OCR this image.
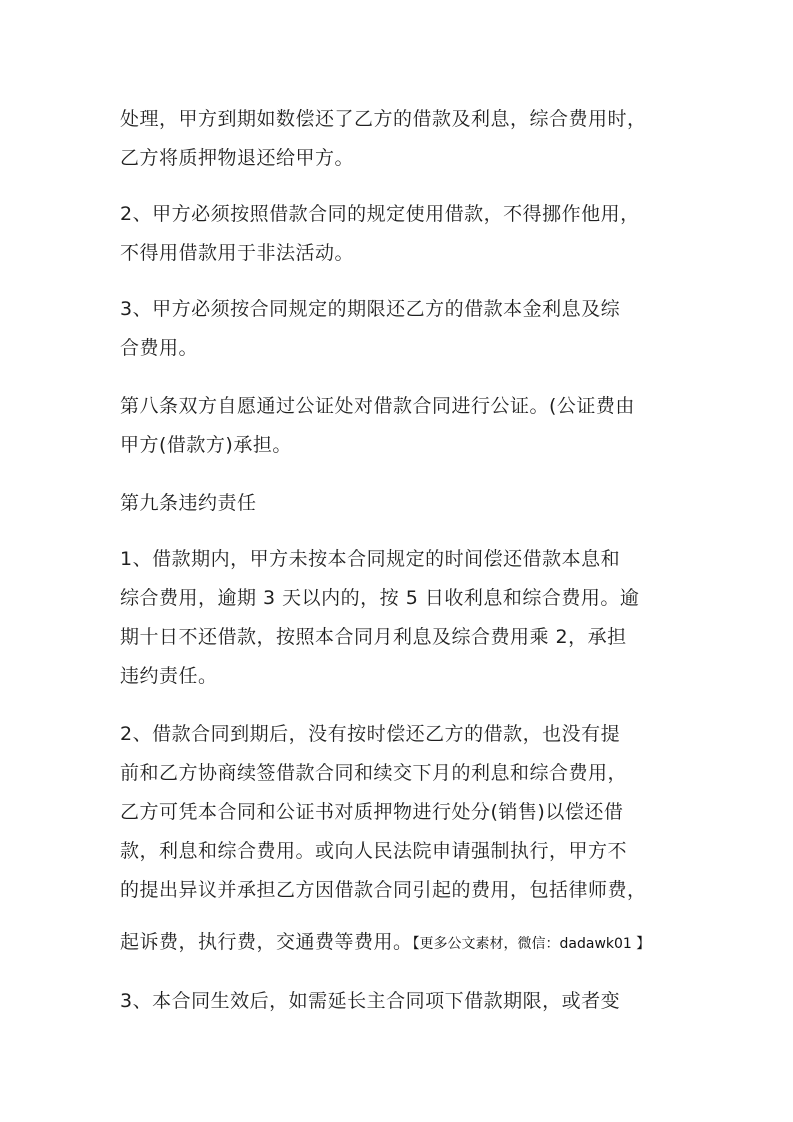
处理，甲方到期如数偿还了乙方的借款及利息，综合费用时，
乙方将质押物退还给甲方。
2、甲方必须按照借款合同的规定使用借款，不得挪作他用，
不得用借款用于非法活动。
3、甲方必须按合同规定的期限还乙方的借款本金利息及综
合费用。
第八条双方自愿通过公证处对借款合同进行公证。(公证费由
甲方(借款方)承担。
第九条违约责任
1、借款期内，甲方未按本合同规定的时间偿还借款本息和
综合费用，逾期 3 天以内的，按 5 日收利息和综合费用。逾
期十日不还借款，按照本合同月利息及综合费用乘 2，承担
违约责任。
2、借款合同到期后，没有按时偿还乙方的借款，也没有提
前和乙方协商续签借款合同和续交下月的利息和综合费用，
乙方可凭本合同和公证书对质押物进行处分(销售)以偿还借
款，利息和综合费用。或向人民法院申请强制执行，甲方不
的提出异议并承担乙方因借款合同引起的费用，包括律师费，
起诉费，执行费，交通费等费用。【更多公文素材，微信：dadawk01 】
3、本合同生效后，如需延长主合同项下借款期限，或者变
